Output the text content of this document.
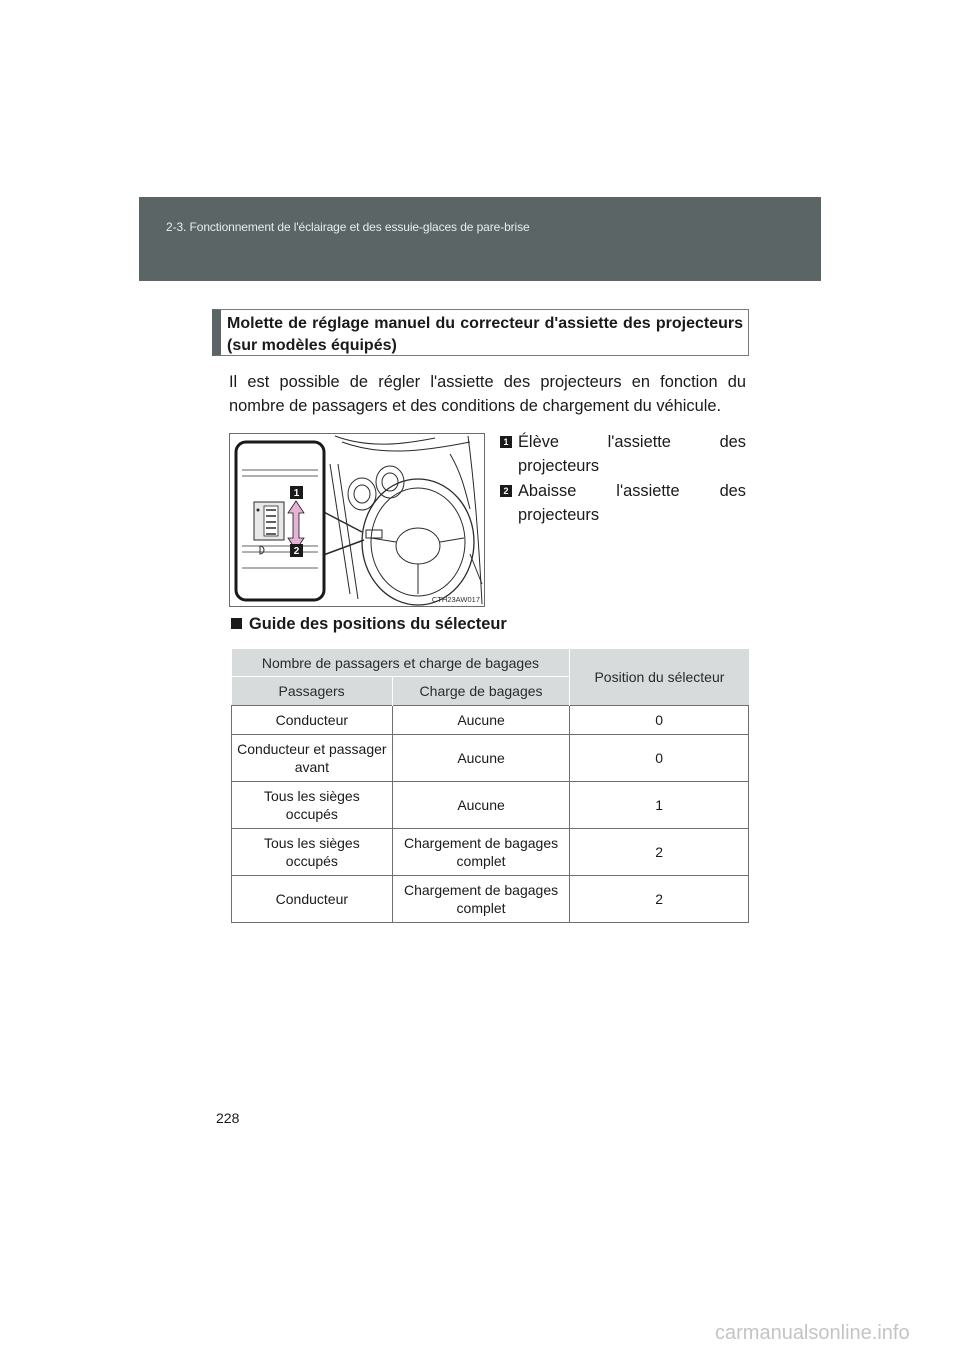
2-3. Fonctionnement de l'éclairage et des essuie-glaces de pare-brise
Molette de réglage manuel du correcteur d'assiette des projecteurs (sur modèles équipés)
Il est possible de régler l'assiette des projecteurs en fonction du nombre de passagers et des conditions de chargement du véhicule.
1
2
CTH23AW017
1 Élève l'assiette des
projecteurs
2 Abaisse l'assiette des
projecteurs
Guide des positions du sélecteur
Nombre de passagers et charge de bagages		Position du sélecteur
Passagers	Charge de bagages	
Conducteur	Aucune	0
Conducteur et passager avant	Aucune	0
Tous les sièges occupés	Aucune	1
Tous les sièges occupés	Chargement de bagages complet	2
Conducteur	Chargement de bagages complet	2
228
carmanualsonline.info
